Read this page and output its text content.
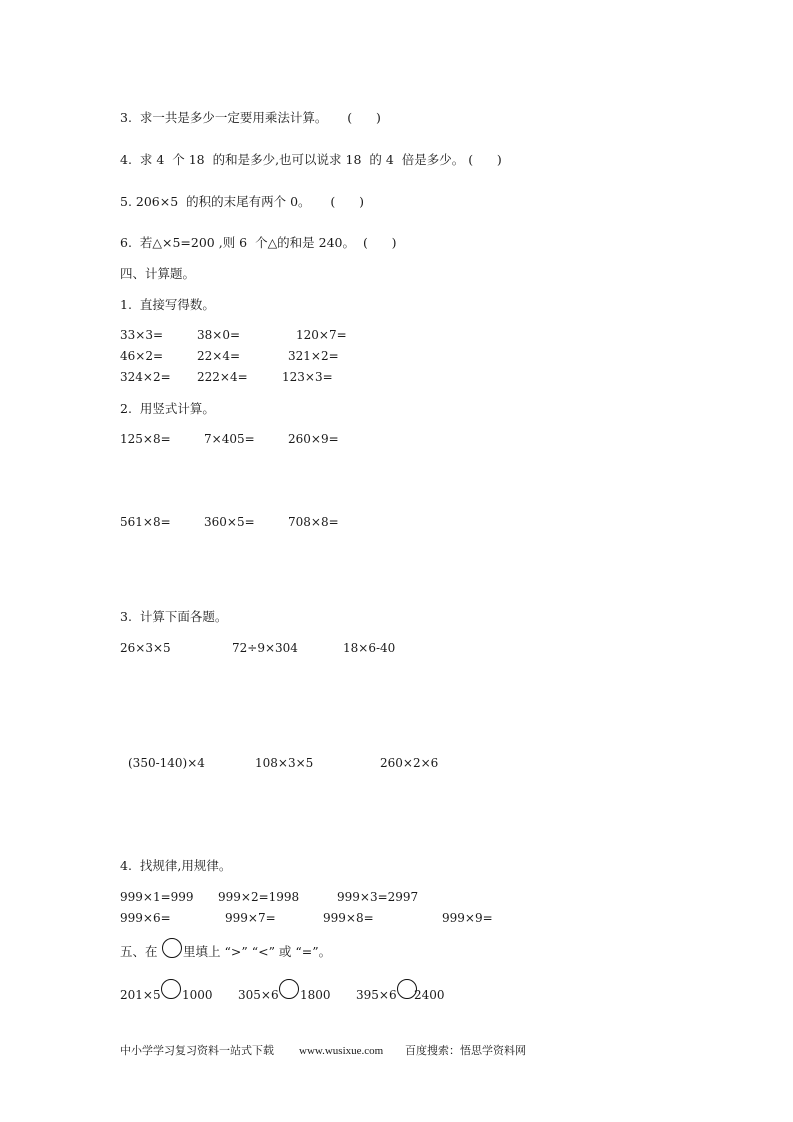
3.  求一共是多少一定要用乘法计算。     (      )
4.  求 4  个 18  的和是多少,也可以说求 18  的 4  倍是多少。 (      )
5. 206×5  的积的末尾有两个 0。     (      )
6.  若△×5=200 ,则 6  个△的和是 240。  (      )
四、计算题。
1.  直接写得数。
33×3=	38×0=	120×7=
46×2=	22×4=	321×2=
324×2= 222×4=	123×3=
2.  用竖式计算。
125×8=	7×405=	260×9=
561×8=	360×5=	708×8=
3.  计算下面各题。
26×3×5	72÷9×304	18×6-40
(350-140)×4	108×3×5	260×2×6
4.  找规律,用规律。
999×1=999 999×2=1998	999×3=2997
999×6=	999×7=	999×8=	999×9=
五、在 里填上 “>” “<” 或 “=”。
201×5 1000 305×6 1800 395×6 2400
中小学学习复习资料一站式下载 www.wusixue.com 百度搜索：悟思学资料网
